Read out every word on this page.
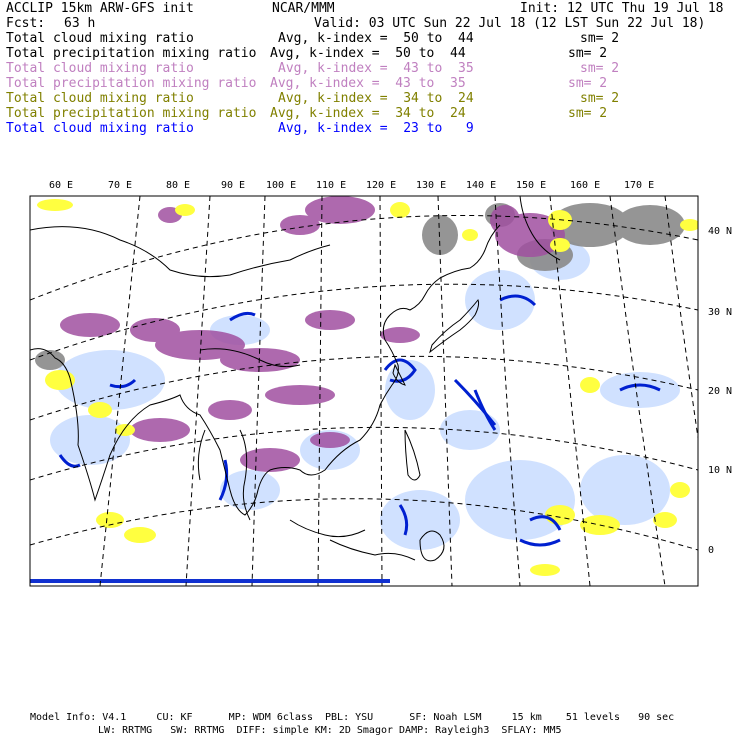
ACCLIP 15km ARW-GFS init	NCAR/MMM	Init: 12 UTC Thu 19 Jul 18
Fcst: 63 h	Valid: 03 UTC Sun 22 Jul 18 (12 LST Sun 22 Jul 18)
Total cloud mixing ratio	Avg, k-index =  50 to  44	sm= 2
Total precipitation mixing ratio Avg, k-index =  50 to  44	sm= 2
Total cloud mixing ratio	Avg, k-index =  43 to  35	sm= 2
Total precipitation mixing ratio Avg, k-index =  43 to  35	sm= 2
Total cloud mixing ratio	Avg, k-index =  34 to  24	sm= 2
Total precipitation mixing ratio Avg, k-index =  34 to  24	sm= 2
Total cloud mixing ratio	Avg, k-index =  23 to   9
60 E	70 E	80 E	90 E 100 E 110 E 120 E 130 E 140 E 150 E 160 E 170 E
40 N
30 N
20 N
10 N
0
Model Info: V4.1     CU: KF      MP: WDM 6class  PBL: YSU      SF: Noah LSM     15 km    51 levels   90 sec
LW: RRTMG   SW: RRTMG  DIFF: simple KM: 2D Smagor DAMP: Rayleigh3  SFLAY: MM5
